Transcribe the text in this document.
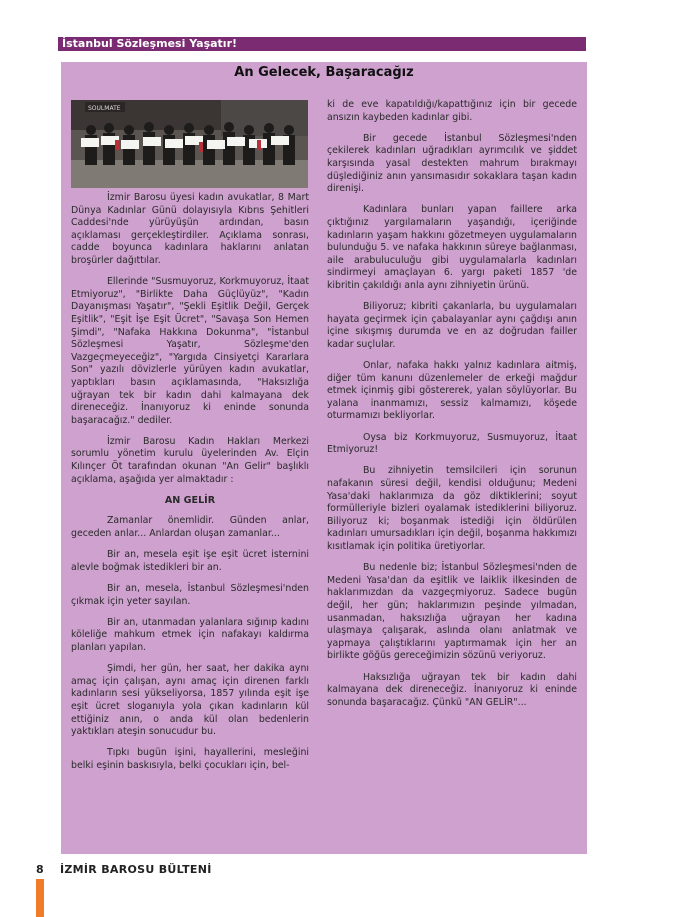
İstanbul Sözleşmesi Yaşatır!
An Gelecek, Başaracağız
SOULMATE

İzmir Barosu üyesi kadın avukatlar, 8 Mart Dünya Kadınlar Günü dolayısıyla Kıbrıs Şehitleri Caddesi'nde yürüyüşün ardından, basın açıklaması gerçekleştirdiler. Açıklama sonrası, cadde boyunca kadınlara haklarını anlatan broşürler dağıttılar.

Ellerinde "Susmuyoruz, Korkmuyoruz, İtaat Etmiyoruz", "Birlikte Daha Güçlüyüz", "Kadın Dayanışması Yaşatır", "Şekli Eşitlik Değil, Gerçek Eşitlik", "Eşit İşe Eşit Ücret", "Savaşa Son Hemen Şimdi", "Nafaka Hakkına Dokunma", "İstanbul Sözleşmesi Yaşatır, Sözleşme'den Vazgeçmeyeceğiz", "Yargıda Cinsiyetçi Kararlara Son" yazılı dövizlerle yürüyen kadın avukatlar, yaptıkları basın açıklamasında, "Haksızlığa uğrayan tek bir kadın dahi kalmayana dek direneceğiz. İnanıyoruz ki eninde sonunda başaracağız." dediler.

İzmir Barosu Kadın Hakları Merkezi sorumlu yönetim kurulu üyelerinden Av. Elçin Kılınçer Öt tarafından okunan "An Gelir" başlıklı açıklama, aşağıda yer almaktadır :

AN GELİR

Zamanlar önemlidir. Günden anlar, geceden anlar... Anlardan oluşan zamanlar...

Bir an, mesela eşit işe eşit ücret isternini alevle boğmak istedikleri bir an.

Bir an, mesela, İstanbul Sözleşmesi'nden çıkmak için yeter sayılan.

Bir an, utanmadan yalanlara sığınıp kadını köleliğe mahkum etmek için nafakayı kaldırma planları yapılan.

Şimdi, her gün, her saat, her dakika aynı amaç için çalışan, aynı amaç için direnen farklı kadınların sesi yükseliyorsa, 1857 yılında eşit işe eşit ücret sloganıyla yola çıkan kadınların kül ettiğiniz anın, o anda kül olan bedenlerin yaktıkları ateşin sonucudur bu.

Tıpkı bugün işini, hayallerini, mesleğini belki eşinin baskısıyla, belki çocukları için, bel-

ki de eve kapatıldığı/kapattığınız için bir gecede ansızın kaybeden kadınlar gibi.

Bir gecede İstanbul Sözleşmesi'nden çekilerek kadınları uğradıkları ayrımcılık ve şiddet karşısında yasal destekten mahrum bırakmayı düşlediğiniz anın yansımasıdır sokaklara taşan kadın direnişi.

Kadınlara bunları yapan faillere arka çıktığınız yargılamaların yaşandığı, içeriğinde kadınların yaşam hakkını gözetmeyen uygulamaların bulunduğu 5. ve nafaka hakkının süreye bağlanması, aile arabuluculuğu gibi uygulamalarla kadınları sindirmeyi amaçlayan 6. yargı paketi 1857 'de kibritin çakıldığı anla aynı zihniyetin ürünü.

Biliyoruz; kibriti çakanlarla, bu uygulamaları hayata geçirmek için çabalayanlar aynı çağdışı anın içine sıkışmış durumda ve en az doğrudan failler kadar suçlular.

Onlar, nafaka hakkı yalnız kadınlara aitmiş, diğer tüm kanunı düzenlemeler de erkeği mağdur etmek içinmiş gibi göstererek, yalan söylüyorlar. Bu yalana inanmamızı, sessiz kalmamızı, köşede oturmamızı bekliyorlar.

Oysa biz Korkmuyoruz, Susmuyoruz, İtaat Etmiyoruz!

Bu zihniyetin temsilcileri için sorunun nafakanın süresi değil, kendisi olduğunu; Medeni Yasa'daki haklarımıza da göz diktiklerini; soyut formülleriyle bizleri oyalamak istediklerini biliyoruz. Biliyoruz ki; boşanmak istediği için öldürülen kadınları umursadıkları için değil, boşanma hakkımızı kısıtlamak için politika üretiyorlar.

Bu nedenle biz; İstanbul Sözleşmesi'nden de Medeni Yasa'dan da eşitlik ve laiklik ilkesinden de haklarımızdan da vazgeçmiyoruz. Sadece bugün değil, her gün; haklarımızın peşinde yılmadan, usanmadan, haksızlığa uğrayan her kadına ulaşmaya çalışarak, aslında olanı anlatmak ve yapmaya çalıştıklarını yaptırmamak için her an birlikte göğüs gereceğimizin sözünü veriyoruz.

Haksızlığa uğrayan tek bir kadın dahi kalmayana dek direneceğiz. İnanıyoruz ki eninde sonunda başaracağız. Çünkü "AN GELİR"...

8 İZMİR BAROSU BÜLTENİ
